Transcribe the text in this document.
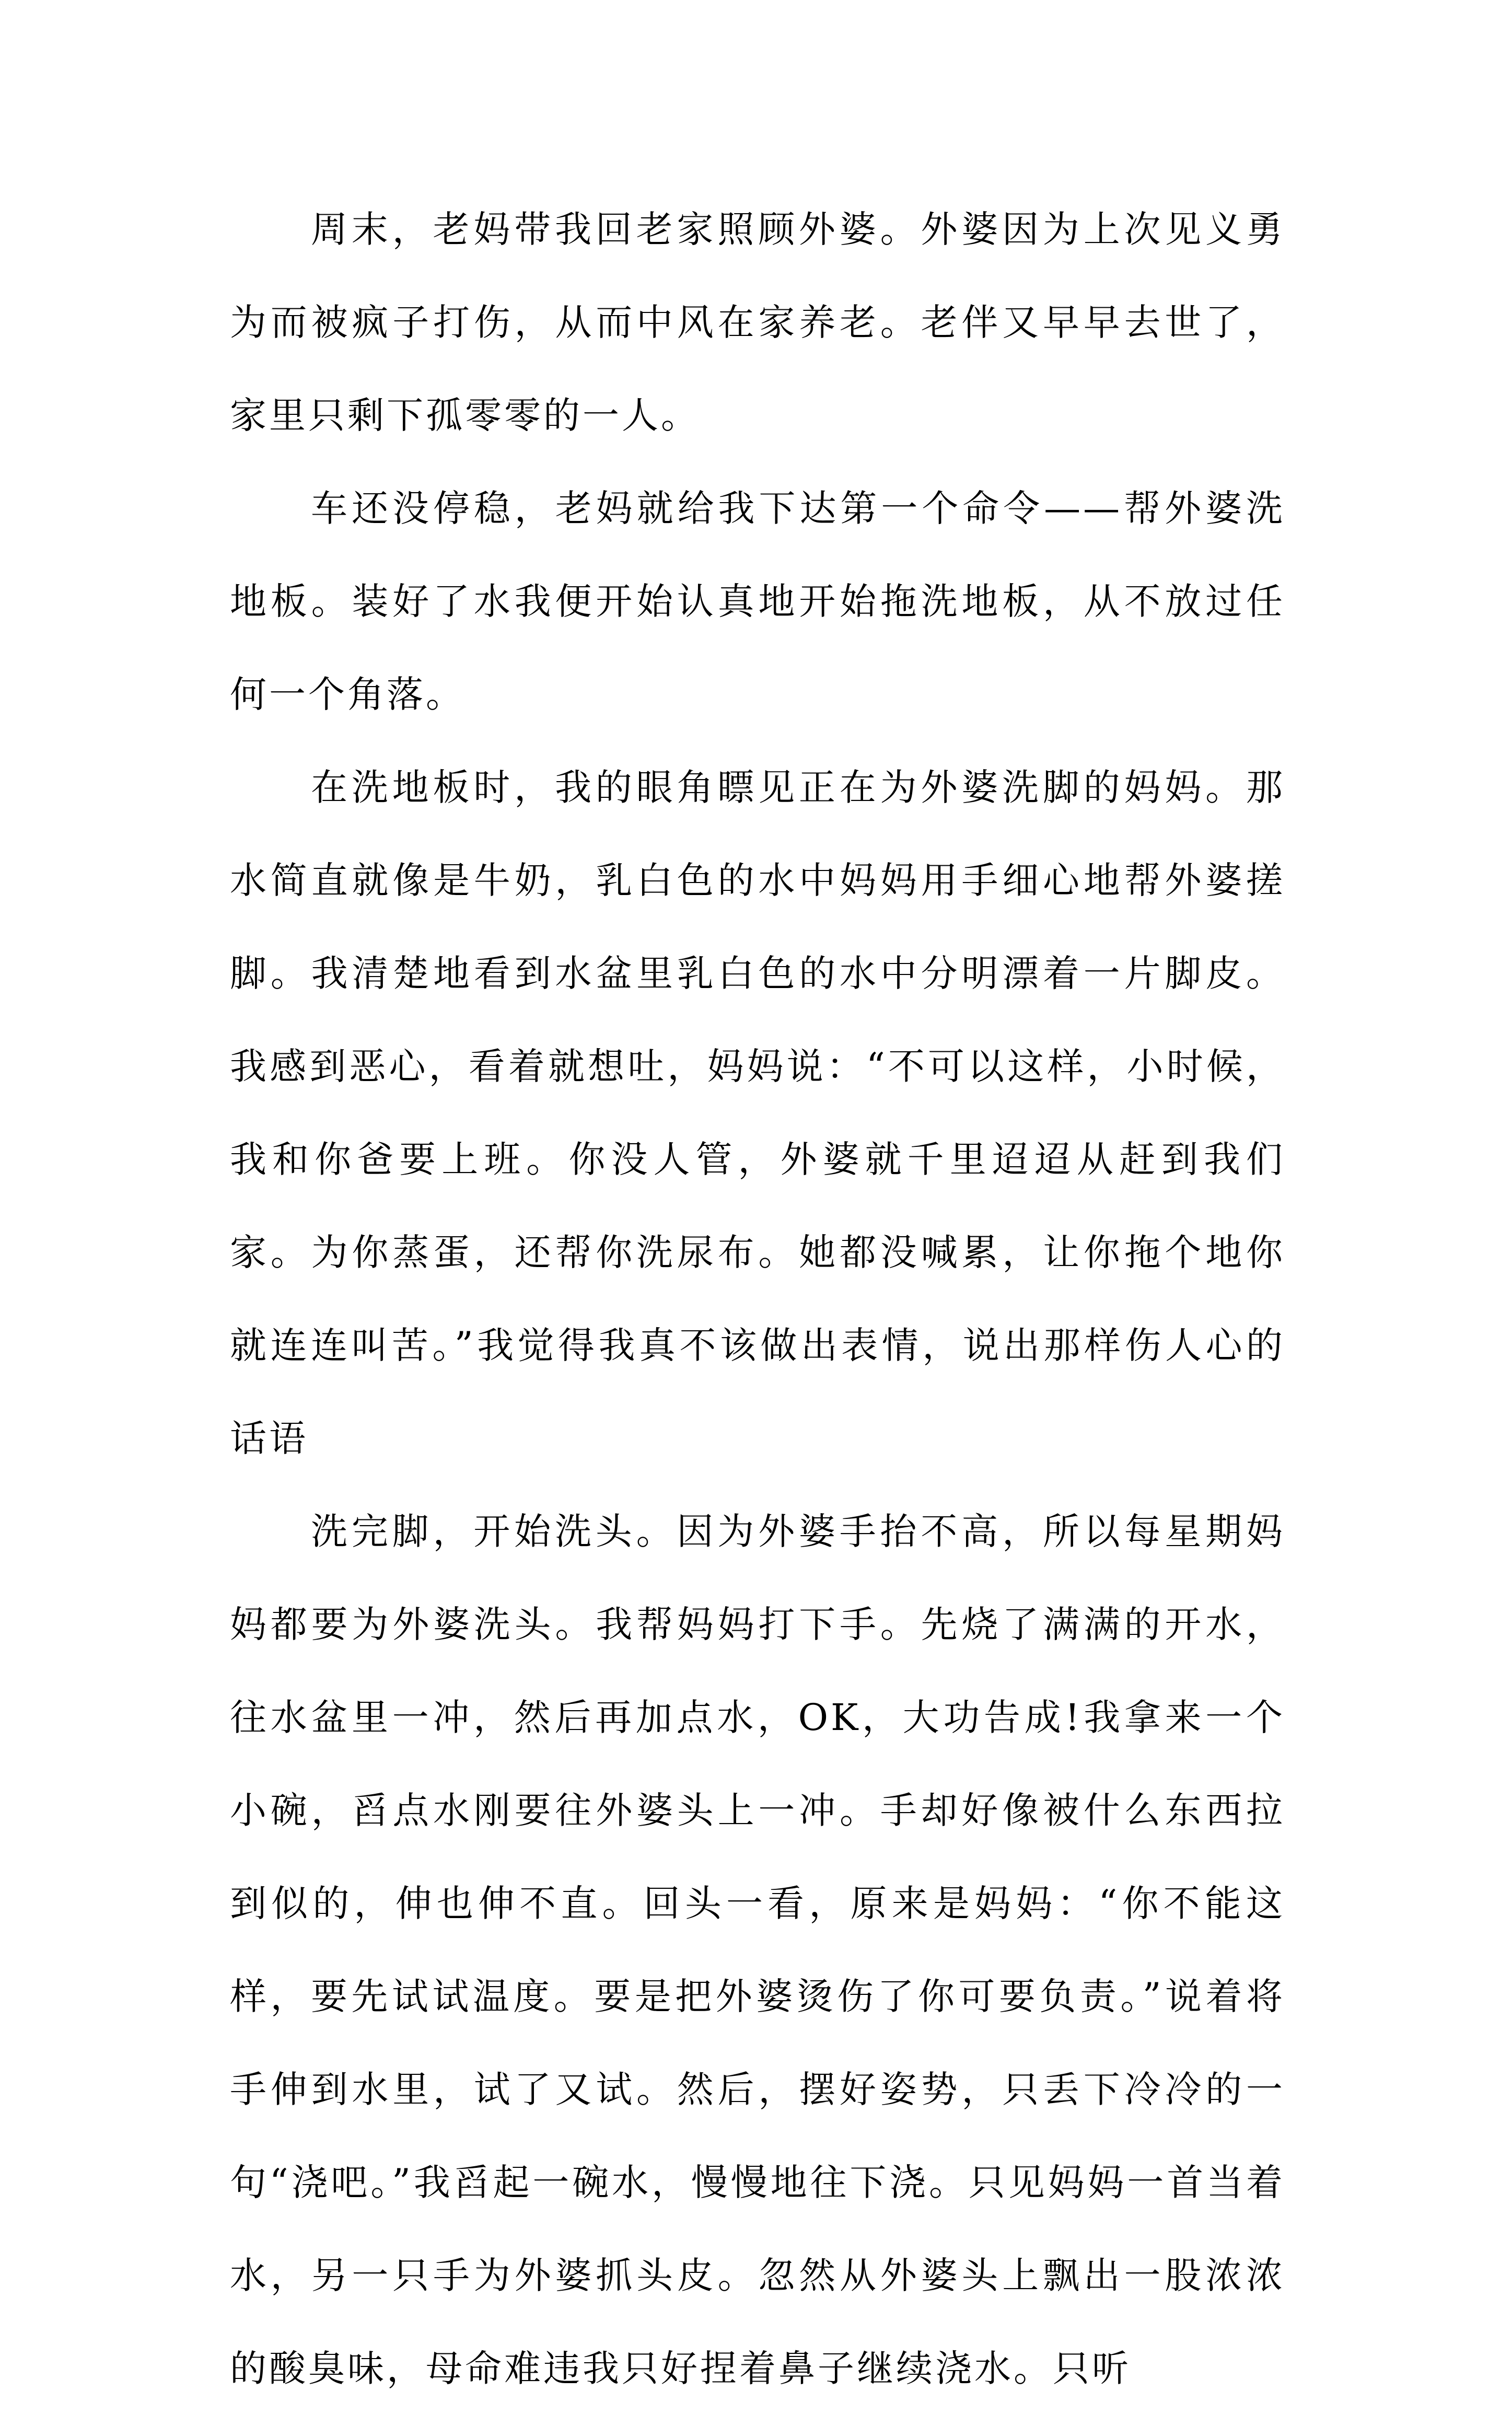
周末，老妈带我回老家照顾外婆。外婆因为上次见义勇为而被疯子打伤，从而中风在家养老。老伴又早早去世了，家里只剩下孤零零的一人。

车还没停稳，老妈就给我下达第一个命令——帮外婆洗地板。装好了水我便开始认真地开始拖洗地板，从不放过任何一个角落。

在洗地板时，我的眼角瞟见正在为外婆洗脚的妈妈。那水简直就像是牛奶，乳白色的水中妈妈用手细心地帮外婆搓脚。我清楚地看到水盆里乳白色的水中分明漂着一片脚皮。我感到恶心，看着就想吐，妈妈说：“不可以这样，小时候，我和你爸要上班。你没人管，外婆就千里迢迢从赶到我们家。为你蒸蛋，还帮你洗尿布。她都没喊累，让你拖个地你就连连叫苦。”我觉得我真不该做出表情，说出那样伤人心的话语

洗完脚，开始洗头。因为外婆手抬不高，所以每星期妈妈都要为外婆洗头。我帮妈妈打下手。先烧了满满的开水，往水盆里一冲，然后再加点水，OK，大功告成!我拿来一个小碗，舀点水刚要往外婆头上一冲。手却好像被什么东西拉到似的，伸也伸不直。回头一看，原来是妈妈：“你不能这样，要先试试温度。要是把外婆烫伤了你可要负责。”说着将手伸到水里，试了又试。然后，摆好姿势，只丢下冷冷的一句“浇吧。”我舀起一碗水，慢慢地往下浇。只见妈妈一首当着水，另一只手为外婆抓头皮。忽然从外婆头上飘出一股浓浓的酸臭味，母命难违我只好捏着鼻子继续浇水。只听
